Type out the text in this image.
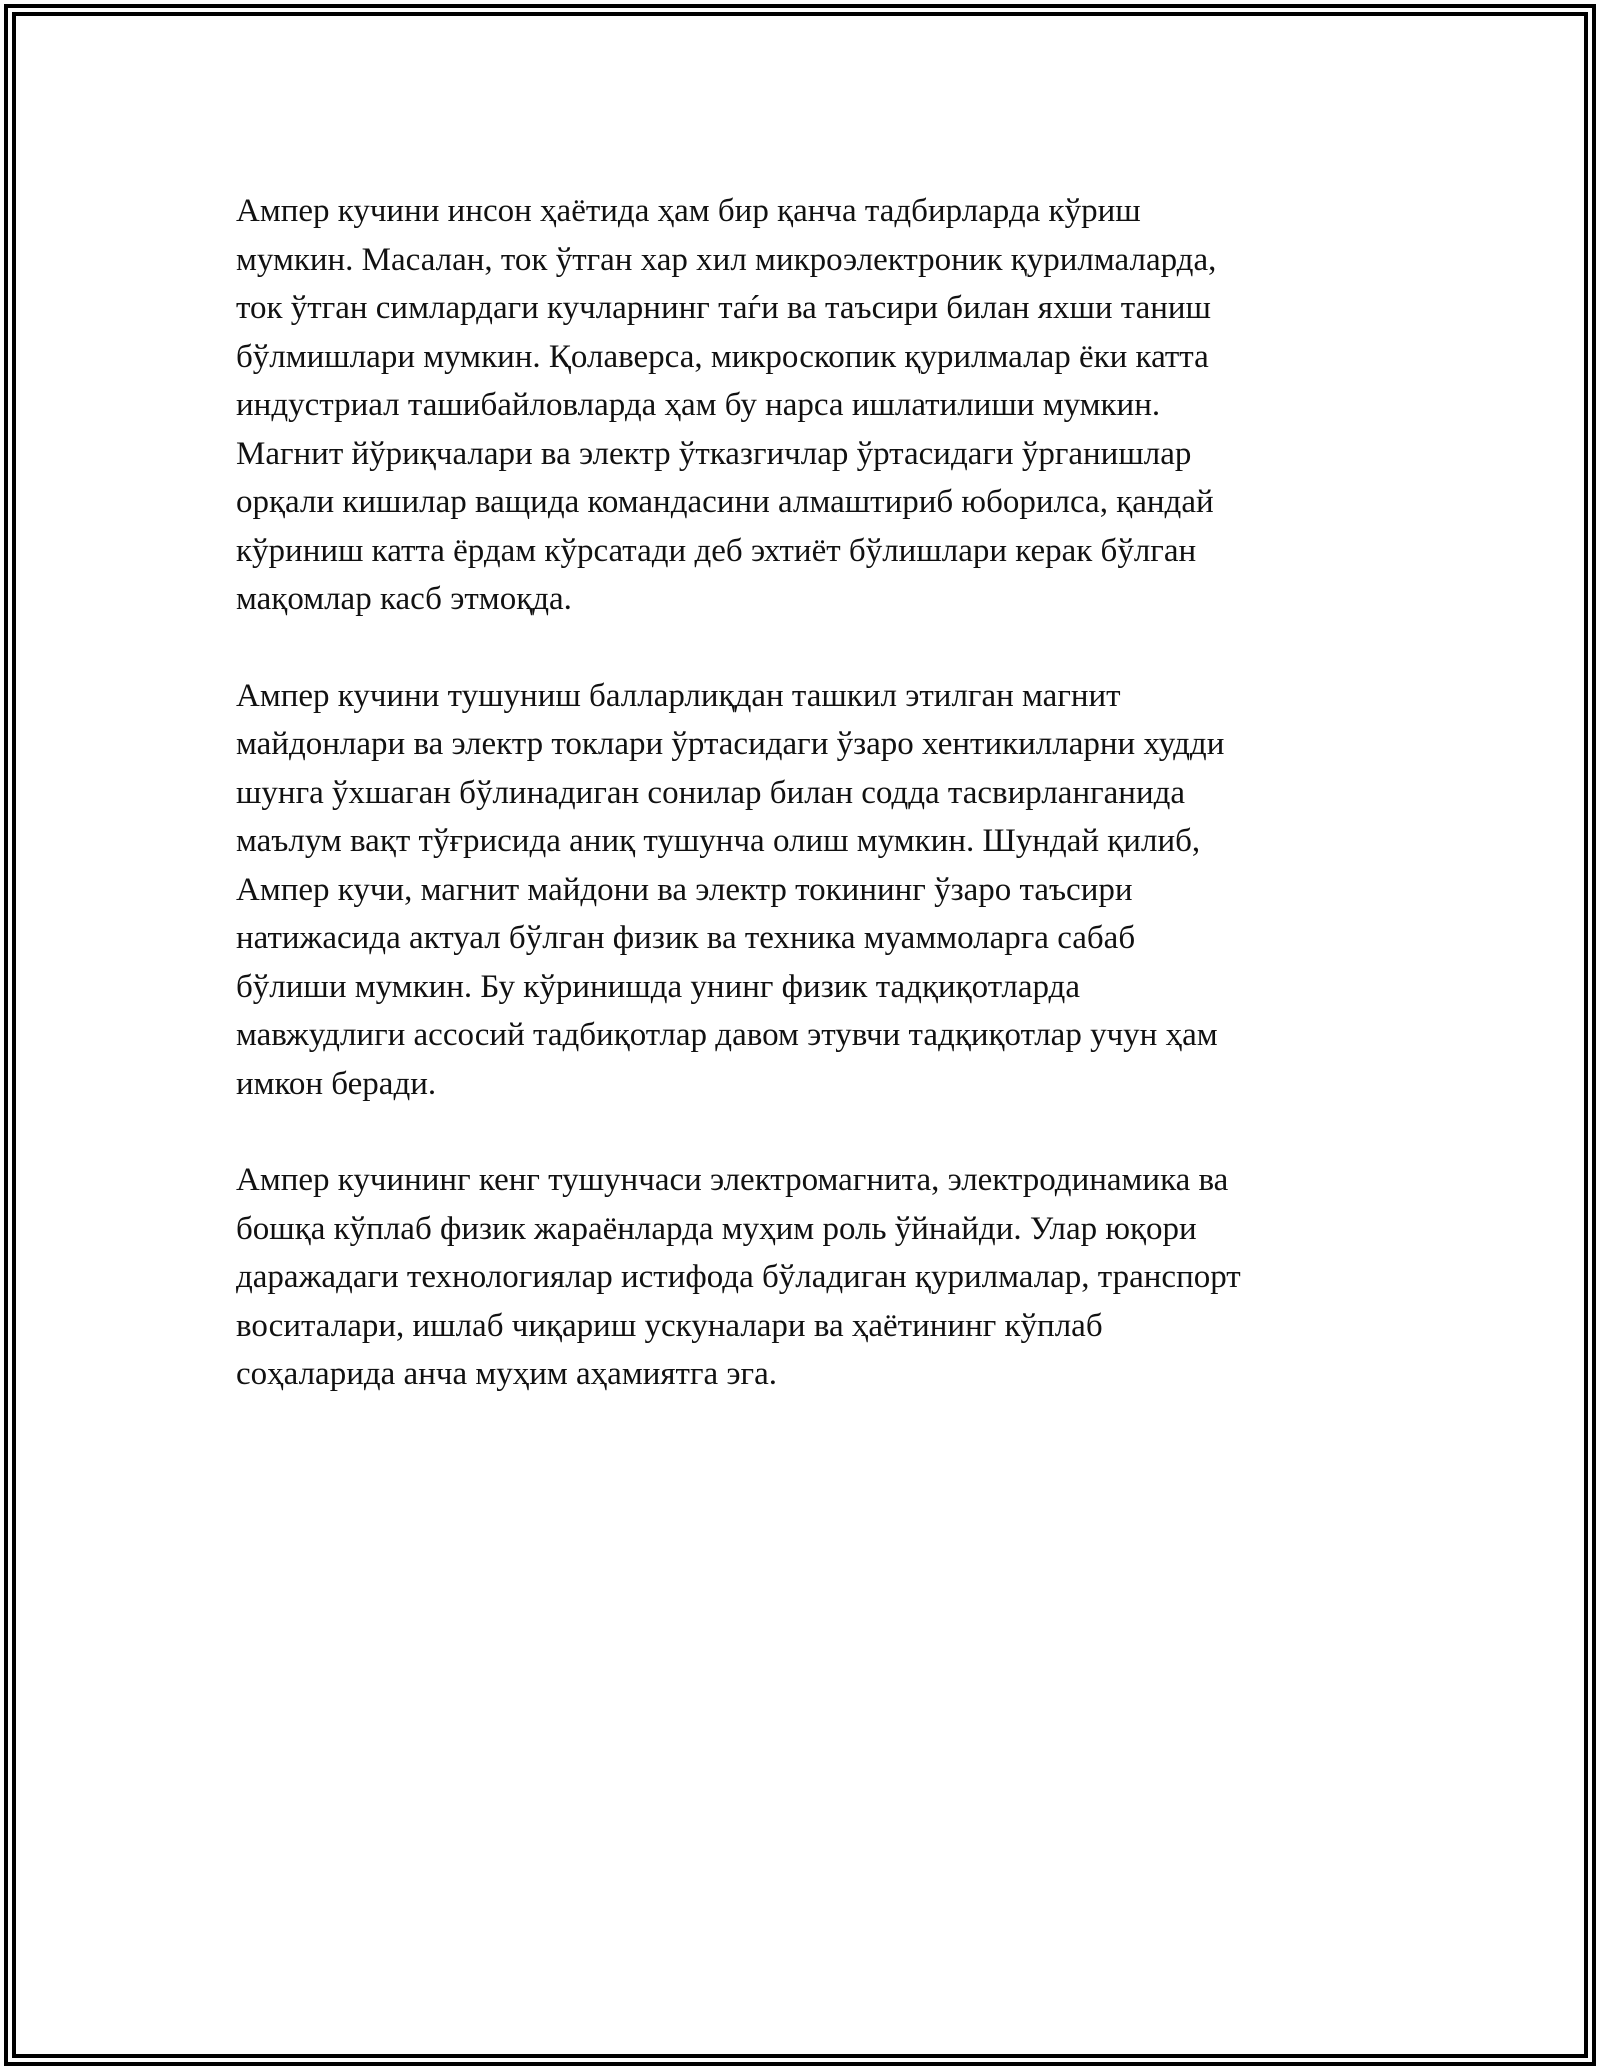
Ампер кучини инсон ҳаётида ҳам бир қанча тадбирларда кўриш
мумкин. Масалан, ток ўтган хар хил микроэлектроник қурилмаларда,
ток ўтган симлардаги кучларнинг таѓи ва таъсири билан яхши таниш
бўлмишлари мумкин. Қолаверса, микроскопик қурилмалар ёки катта
индустриал ташибайловларда ҳам бу нарса ишлатилиши мумкин.
Магнит йўриқчалари ва электр ўтказгичлар ўртасидаги ўрганишлар
орқали кишилар ващида командасини алмаштириб юборилса, қандай
кўриниш катта ёрдам кўрсатади деб эхтиёт бўлишлари керак бўлган
мақомлар касб этмоқда.

Ампер кучини тушуниш балларлиқдан ташкил этилган магнит
майдонлари ва электр токлари ўртасидаги ўзаро хентикилларни худди
шунга ўхшаган бўлинадиган сонилар билан содда тасвирланганида
маълум вақт тўғрисида аниқ тушунча олиш мумкин. Шундай қилиб,
Ампер кучи, магнит майдони ва электр токининг ўзаро таъсири
натижасида актуал бўлган физик ва техника муаммоларга сабаб
бўлиши мумкин. Бу кўринишда унинг физик тадқиқотларда
мавжудлиги ассосий тадбиқотлар давом этувчи тадқиқотлар учун ҳам
имкон беради.

Ампер кучининг кенг тушунчаси электромагнита, электродинамика ва
бошқа кўплаб физик жараёнларда муҳим роль ўйнайди. Улар юқори
даражадаги технологиялар истифода бўладиган қурилмалар, транспорт
воситалари, ишлаб чиқариш ускуналари ва ҳаётининг кўплаб
соҳаларида анча муҳим аҳамиятга эга.
